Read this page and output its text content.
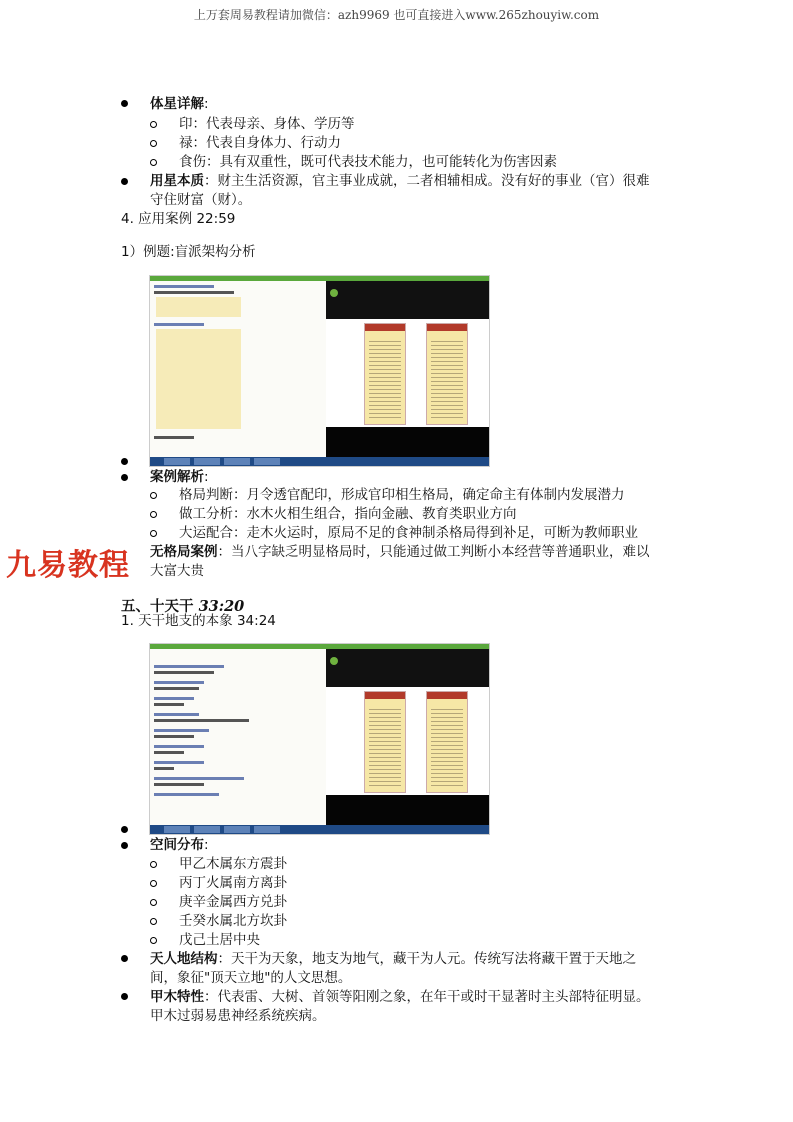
上万套周易教程请加微信：azh9969 也可直接进入www.265zhouyiw.com
体星详解:
印：代表母亲、身体、学历等
禄：代表自身体力、行动力
食伤：具有双重性，既可代表技术能力，也可能转化为伤害因素
用星本质：财主生活资源，官主事业成就，二者相辅相成。没有好的事业（官）很难
守住财富（财）。
4. 应用案例 22:59
1）例题:盲派架构分析
案例解析:
格局判断：月令透官配印，形成官印相生格局，确定命主有体制内发展潜力
做工分析：水木火相生组合，指向金融、教育类职业方向
大运配合：走木火运时，原局不足的食神制杀格局得到补足，可断为教师职业
无格局案例：当八字缺乏明显格局时，只能通过做工判断小本经营等普通职业，难以
大富大贵
九易教程
五、十天干 33:20
1. 天干地支的本象 34:24
空间分布:
甲乙木属东方震卦
丙丁火属南方离卦
庚辛金属西方兑卦
壬癸水属北方坎卦
戊己土居中央
天人地结构：天干为天象，地支为地气，藏干为人元。传统写法将藏干置于天地之
间，象征"顶天立地"的人文思想。
甲木特性：代表雷、大树、首领等阳刚之象，在年干或时干显著时主头部特征明显。
甲木过弱易患神经系统疾病。
